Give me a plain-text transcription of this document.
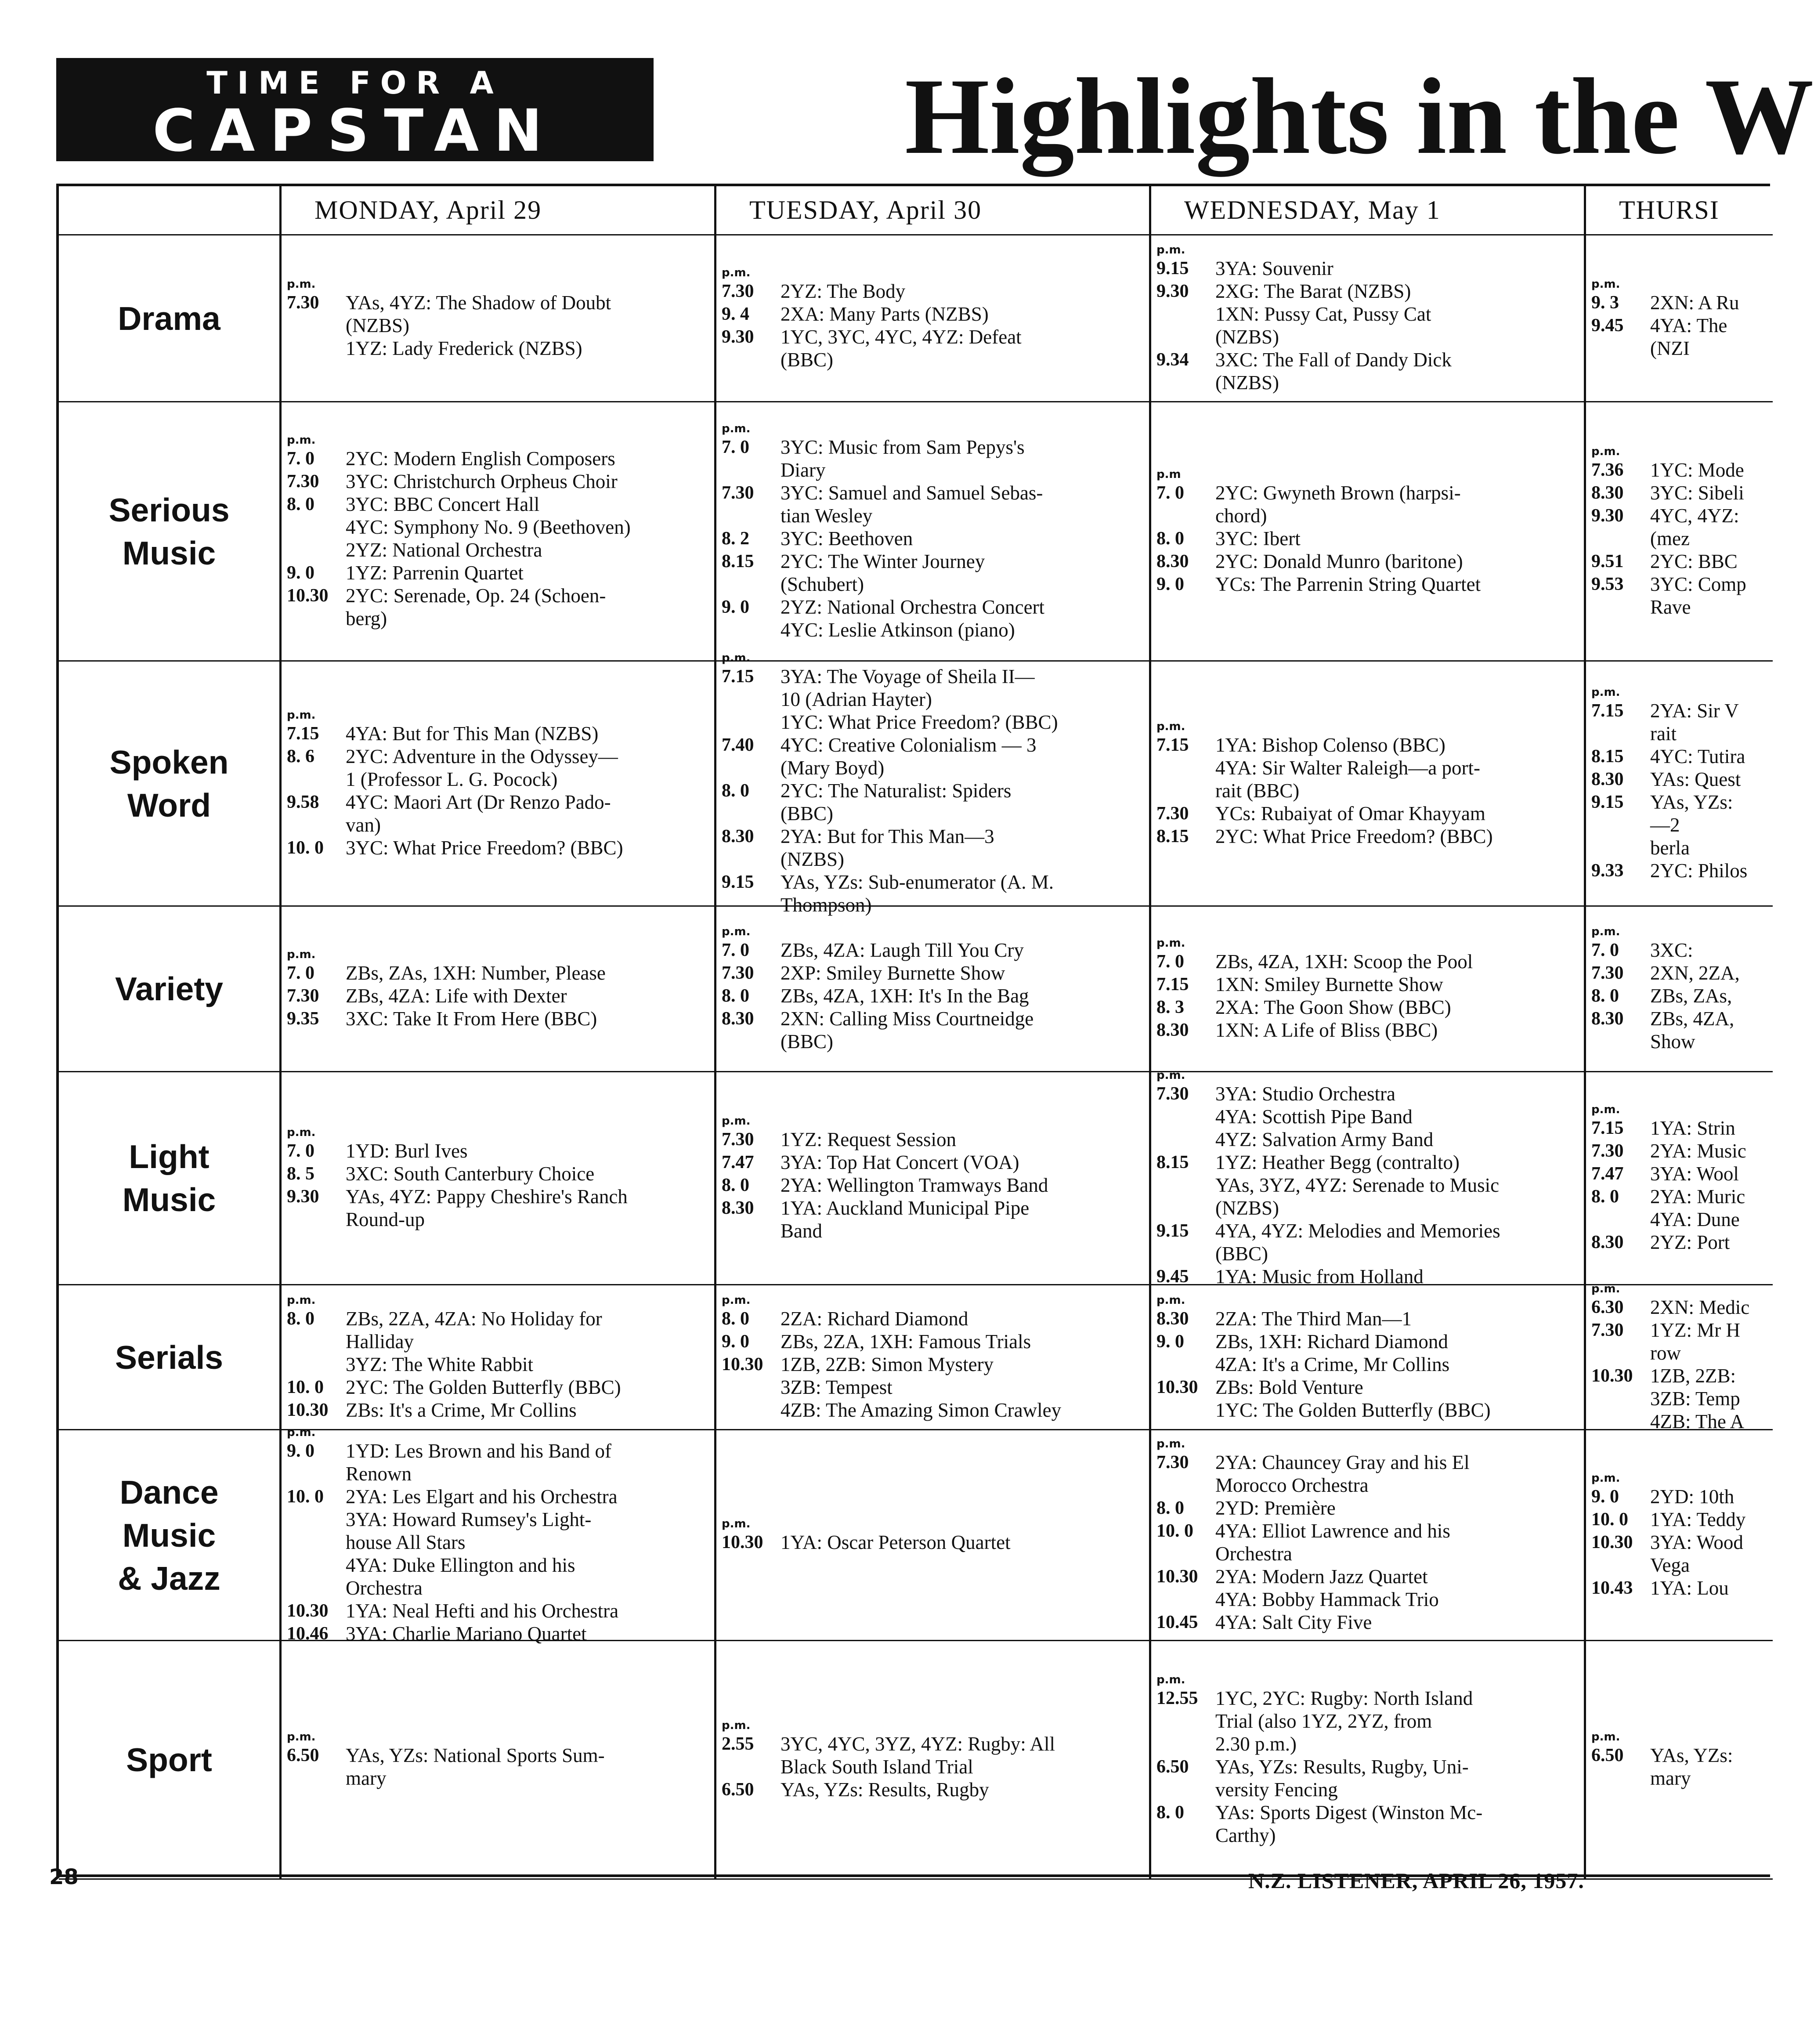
TIME FOR A
CAPSTAN	Highlights in the W
MONDAY, April 29	TUESDAY, April 30	WEDNESDAY, May 1	THURSI
Drama
p.m.
7.30	YAs, 4YZ: The Shadow of Doubt
(NZBS)
1YZ: Lady Frederick (NZBS)
p.m.
7.30	2YZ: The Body
9. 4	2XA: Many Parts (NZBS)
9.30	1YC, 3YC, 4YC, 4YZ: Defeat
(BBC)
p.m.
9.15	3YA: Souvenir
9.30	2XG: The Barat (NZBS)
1XN: Pussy Cat, Pussy Cat
(NZBS)
9.34	3XC: The Fall of Dandy Dick
(NZBS)
p.m.
9. 3	2XN: A Ru
9.45	4YA: The
(NZI
Serious
Music
p.m.
7. 0	2YC: Modern English Composers
7.30	3YC: Christchurch Orpheus Choir
8. 0	3YC: BBC Concert Hall
4YC: Symphony No. 9 (Beethoven)
2YZ: National Orchestra
9. 0	1YZ: Parrenin Quartet
10.30 2YC: Serenade, Op. 24 (Schoen-
berg)
p.m.
7. 0	3YC: Music from Sam Pepys's
Diary
7.30	3YC: Samuel and Samuel Sebas-
tian Wesley
8. 2	3YC: Beethoven
8.15	2YC: The Winter Journey
(Schubert)
9. 0	2YZ: National Orchestra Concert
4YC: Leslie Atkinson (piano)
p.m
7. 0	2YC: Gwyneth Brown (harpsi-
chord)
8. 0	3YC: Ibert
8.30	2YC: Donald Munro (baritone)
9. 0	YCs: The Parrenin String Quartet
p.m.
7.36	1YC: Mode
8.30	3YC: Sibeli
9.30	4YC, 4YZ:
(mez
9.51	2YC: BBC
9.53	3YC: Comp
Rave
Spoken
Word
p.m.
7.15	4YA: But for This Man (NZBS)
8. 6	2YC: Adventure in the Odyssey—
1 (Professor L. G. Pocock)
9.58	4YC: Maori Art (Dr Renzo Pado-
van)
10. 0	3YC: What Price Freedom? (BBC)
p.m.
7.15	3YA: The Voyage of Sheila II—
10 (Adrian Hayter)
1YC: What Price Freedom? (BBC)
7.40	4YC: Creative Colonialism — 3
(Mary Boyd)
8. 0	2YC: The Naturalist: Spiders
(BBC)
8.30	2YA: But for This Man—3
(NZBS)
9.15	YAs, YZs: Sub-enumerator (A. M.
Thompson)
p.m.
7.15	1YA: Bishop Colenso (BBC)
4YA: Sir Walter Raleigh—a port-
rait (BBC)
7.30	YCs: Rubaiyat of Omar Khayyam
8.15	2YC: What Price Freedom? (BBC)
p.m.
7.15	2YA: Sir V
rait
8.15	4YC: Tutira
8.30	YAs: Quest
9.15	YAs, YZs:
—2
berla
9.33	2YC: Philos
Variety
p.m.
7. 0	ZBs, ZAs, 1XH: Number, Please
7.30	ZBs, 4ZA: Life with Dexter
9.35	3XC: Take It From Here (BBC)
p.m.
7. 0	ZBs, 4ZA: Laugh Till You Cry
7.30	2XP: Smiley Burnette Show
8. 0	ZBs, 4ZA, 1XH: It's In the Bag
8.30	2XN: Calling Miss Courtneidge
(BBC)
p.m.
7. 0	ZBs, 4ZA, 1XH: Scoop the Pool
7.15	1XN: Smiley Burnette Show
8. 3	2XA: The Goon Show (BBC)
8.30	1XN: A Life of Bliss (BBC)
p.m.
7. 0	3XC:
7.30	2XN, 2ZA,
8. 0	ZBs, ZAs,
8.30	ZBs, 4ZA,
Show
Light
Music
p.m.
7. 0	1YD: Burl Ives
8. 5	3XC: South Canterbury Choice
9.30	YAs, 4YZ: Pappy Cheshire's Ranch
Round-up
p.m.
7.30	1YZ: Request Session
7.47	3YA: Top Hat Concert (VOA)
8. 0	2YA: Wellington Tramways Band
8.30	1YA: Auckland Municipal Pipe
Band
p.m.
7.30	3YA: Studio Orchestra
4YA: Scottish Pipe Band
4YZ: Salvation Army Band
8.15	1YZ: Heather Begg (contralto)
YAs, 3YZ, 4YZ: Serenade to Music
(NZBS)
9.15	4YA, 4YZ: Melodies and Memories
(BBC)
9.45	1YA: Music from Holland
p.m.
7.15	1YA: Strin
7.30	2YA: Music
7.47	3YA: Wool
8. 0	2YA: Muric
4YA: Dune
8.30	2YZ: Port
Serials
p.m.
8. 0	ZBs, 2ZA, 4ZA: No Holiday for
Halliday
3YZ: The White Rabbit
10. 0	2YC: The Golden Butterfly (BBC)
10.30 ZBs: It's a Crime, Mr Collins
p.m.
8. 0	2ZA: Richard Diamond
9. 0	ZBs, 2ZA, 1XH: Famous Trials
10.30 1ZB, 2ZB: Simon Mystery
3ZB: Tempest
4ZB: The Amazing Simon Crawley
p.m.
8.30	2ZA: The Third Man—1
9. 0	ZBs, 1XH: Richard Diamond
4ZA: It's a Crime, Mr Collins
10.30 ZBs: Bold Venture
1YC: The Golden Butterfly (BBC)
p.m.
6.30	2XN: Medic
7.30	1YZ: Mr H
row
10.30 1ZB, 2ZB:
3ZB: Temp
4ZB: The A
Dance
Music
& Jazz
p.m.
9. 0	1YD: Les Brown and his Band of
Renown
10. 0	2YA: Les Elgart and his Orchestra
3YA: Howard Rumsey's Light-
house All Stars
4YA: Duke Ellington and his
Orchestra
10.30 1YA: Neal Hefti and his Orchestra
10.46 3YA: Charlie Mariano Quartet
p.m.
10.30 1YA: Oscar Peterson Quartet
p.m.
7.30	2YA: Chauncey Gray and his El
Morocco Orchestra
8. 0	2YD: Première
10. 0	4YA: Elliot Lawrence and his
Orchestra
10.30 2YA: Modern Jazz Quartet
4YA: Bobby Hammack Trio
10.45 4YA: Salt City Five
p.m.
9. 0	2YD: 10th
10. 0	1YA: Teddy
10.30 3YA: Wood
Vega
10.43 1YA: Lou
Sport
p.m.
6.50	YAs, YZs: National Sports Sum-
mary
p.m.
2.55	3YC, 4YC, 3YZ, 4YZ: Rugby: All
Black South Island Trial
6.50	YAs, YZs: Results, Rugby
p.m.
12.55 1YC, 2YC: Rugby: North Island
Trial (also 1YZ, 2YZ, from
2.30 p.m.)
6.50	YAs, YZs: Results, Rugby, Uni-
versity Fencing
8. 0	YAs: Sports Digest (Winston Mc-
Carthy)
p.m.
6.50	YAs, YZs:
mary
28	N.Z. LISTENER, APRIL 26, 1957.
